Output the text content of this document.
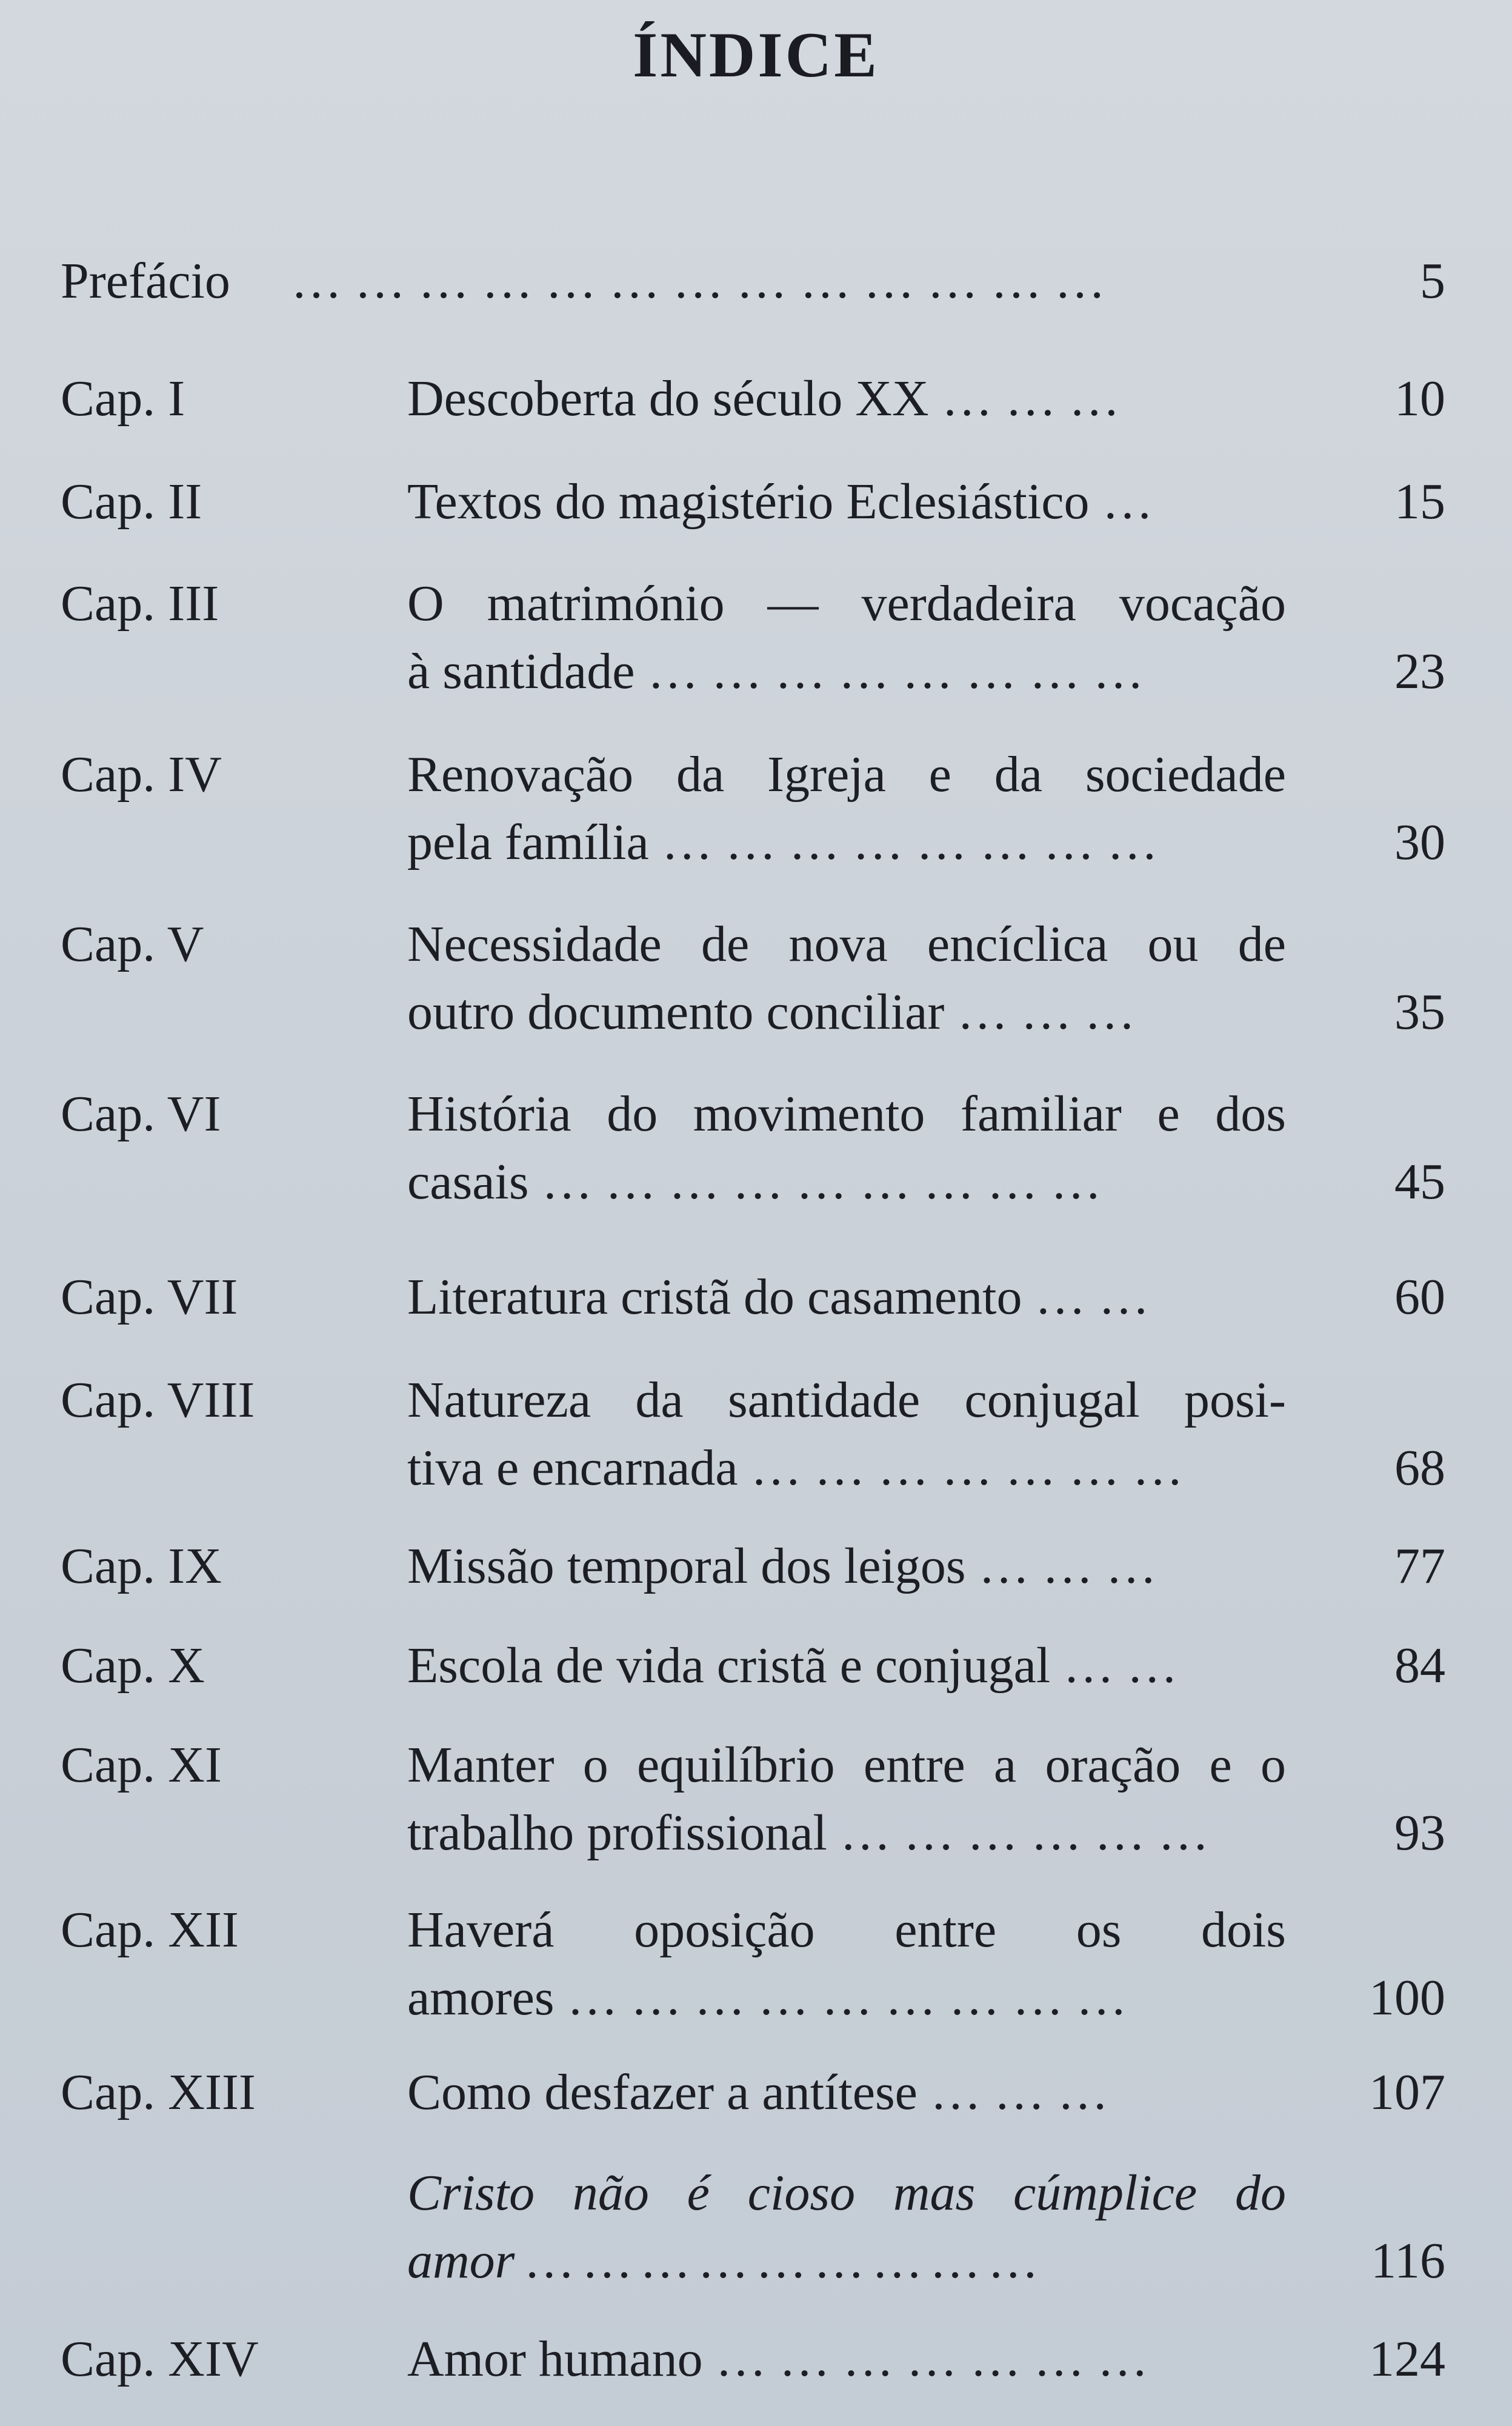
ÍNDICE
Prefácio … … … … … … … … … … … … …	5
Cap. I	Descoberta do século XX … … …	10
Cap. II	Textos do magistério Eclesiástico …	15
Cap. III	O matrimónio — verdadeira vocação
à santidade … … … … … … … …	23
Cap. IV	Renovação da Igreja e da sociedade
pela família … … … … … … … …	30
Cap. V	Necessidade de nova encíclica ou de
outro documento conciliar … … …	35
Cap. VI	História do movimento familiar e dos
casais … … … … … … … … …	45
Cap. VII	Literatura cristã do casamento … …	60
Cap. VIII	Natureza da santidade conjugal posi-
tiva e encarnada … … … … … … …	68
Cap. IX	Missão temporal dos leigos … … …	77
Cap. X	Escola de vida cristã e conjugal … …	84
Cap. XI	Manter o equilíbrio entre a oração e o
trabalho profissional … … … … … …	93
Cap. XII	Haverá oposição entre os dois
amores … … … … … … … … …	100
Cap. XIII	Como desfazer a antítese … … …	107
Cristo não é cioso mas cúmplice do
amor … … … … … … … … …	116
Cap. XIV	Amor humano … … … … … … …	124
